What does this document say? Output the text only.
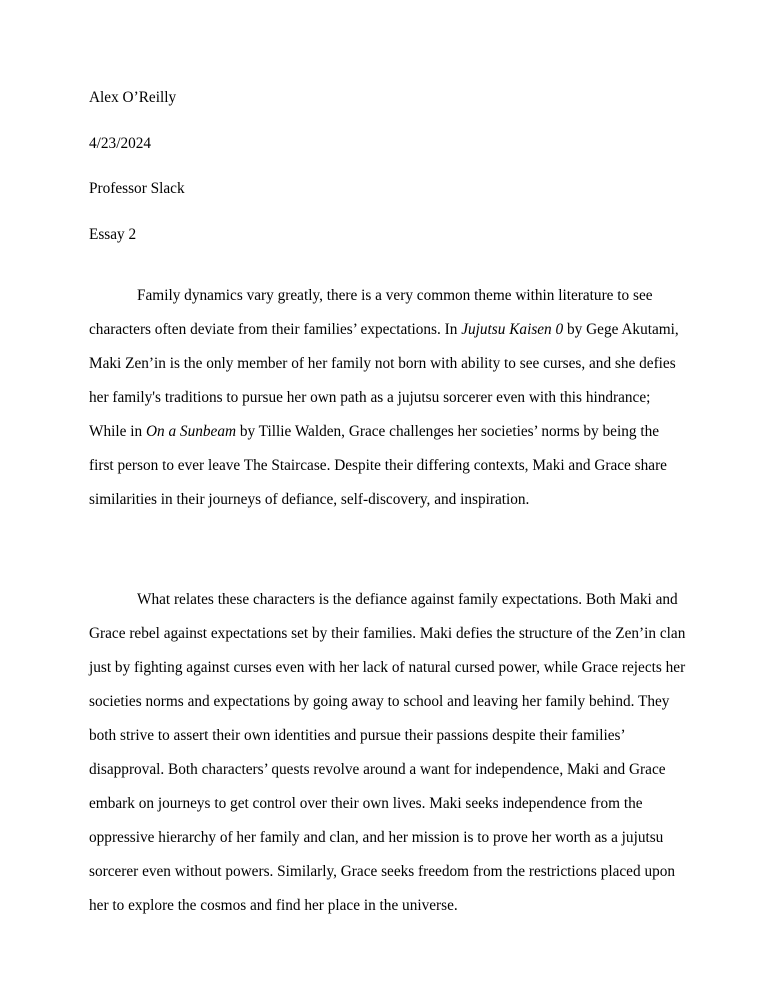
Alex O’Reilly
4/23/2024
Professor Slack
Essay 2
Family dynamics vary greatly, there is a very common theme within literature to see
characters often deviate from their families’ expectations. In Jujutsu Kaisen 0 by Gege Akutami,
Maki Zen’in is the only member of her family not born with ability to see curses, and she defies
her family's traditions to pursue her own path as a jujutsu sorcerer even with this hindrance;
While in On a Sunbeam by Tillie Walden, Grace challenges her societies’ norms by being the
first person to ever leave The Staircase. Despite their differing contexts, Maki and Grace share
similarities in their journeys of defiance, self-discovery, and inspiration.
What relates these characters is the defiance against family expectations. Both Maki and
Grace rebel against expectations set by their families. Maki defies the structure of the Zen’in clan
just by fighting against curses even with her lack of natural cursed power, while Grace rejects her
societies norms and expectations by going away to school and leaving her family behind. They
both strive to assert their own identities and pursue their passions despite their families’
disapproval. Both characters’ quests revolve around a want for independence, Maki and Grace
embark on journeys to get control over their own lives. Maki seeks independence from the
oppressive hierarchy of her family and clan, and her mission is to prove her worth as a jujutsu
sorcerer even without powers. Similarly, Grace seeks freedom from the restrictions placed upon
her to explore the cosmos and find her place in the universe.
